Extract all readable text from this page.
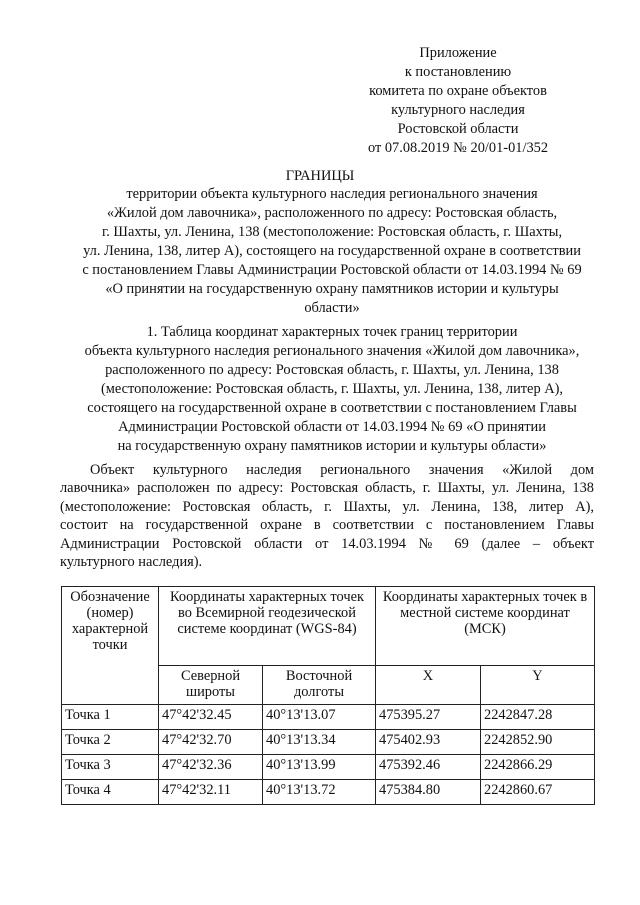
Приложение
к постановлению
комитета по охране объектов
культурного наследия
Ростовской области
от 07.08.2019 № 20/01-01/352
ГРАНИЦЫ
территории объекта культурного наследия регионального значения
«Жилой дом лавочника», расположенного по адресу: Ростовская область,
г. Шахты, ул. Ленина, 138 (местоположение: Ростовская область, г. Шахты,
ул. Ленина, 138, литер А), состоящего на государственной охране в соответствии
с постановлением Главы Администрации Ростовской области от 14.03.1994 № 69
«О принятии на государственную охрану памятников истории и культуры
области»
1. Таблица координат характерных точек границ территории
объекта культурного наследия регионального значения «Жилой дом лавочника»,
расположенного по адресу: Ростовская область, г. Шахты, ул. Ленина, 138
(местоположение: Ростовская область, г. Шахты, ул. Ленина, 138, литер А),
состоящего на государственной охране в соответствии с постановлением Главы
Администрации Ростовской области от 14.03.1994 № 69 «О принятии
на государственную охрану памятников истории и культуры области»
Объект культурного наследия регионального значения «Жилой дом
лавочника» расположен по адресу: Ростовская область, г. Шахты, ул. Ленина, 138
(местоположение: Ростовская область, г. Шахты, ул. Ленина, 138, литер А),
состоит на государственной охране в соответствии с постановлением Главы
Администрации Ростовской области от 14.03.1994 № 69 (далее – объект
культурного наследия).
Обозначение (номер) характерной точки	Координаты характерных точек во Всемирной геодезической системе координат (WGS-84)		Координаты характерных точек в местной системе координат (МСК)	
	Северной широты	Восточной долготы	X	Y
Точка 1	47°42'32.45	40°13'13.07	475395.27	2242847.28
Точка 2	47°42'32.70	40°13'13.34	475402.93	2242852.90
Точка 3	47°42'32.36	40°13'13.99	475392.46	2242866.29
Точка 4	47°42'32.11	40°13'13.72	475384.80	2242860.67
